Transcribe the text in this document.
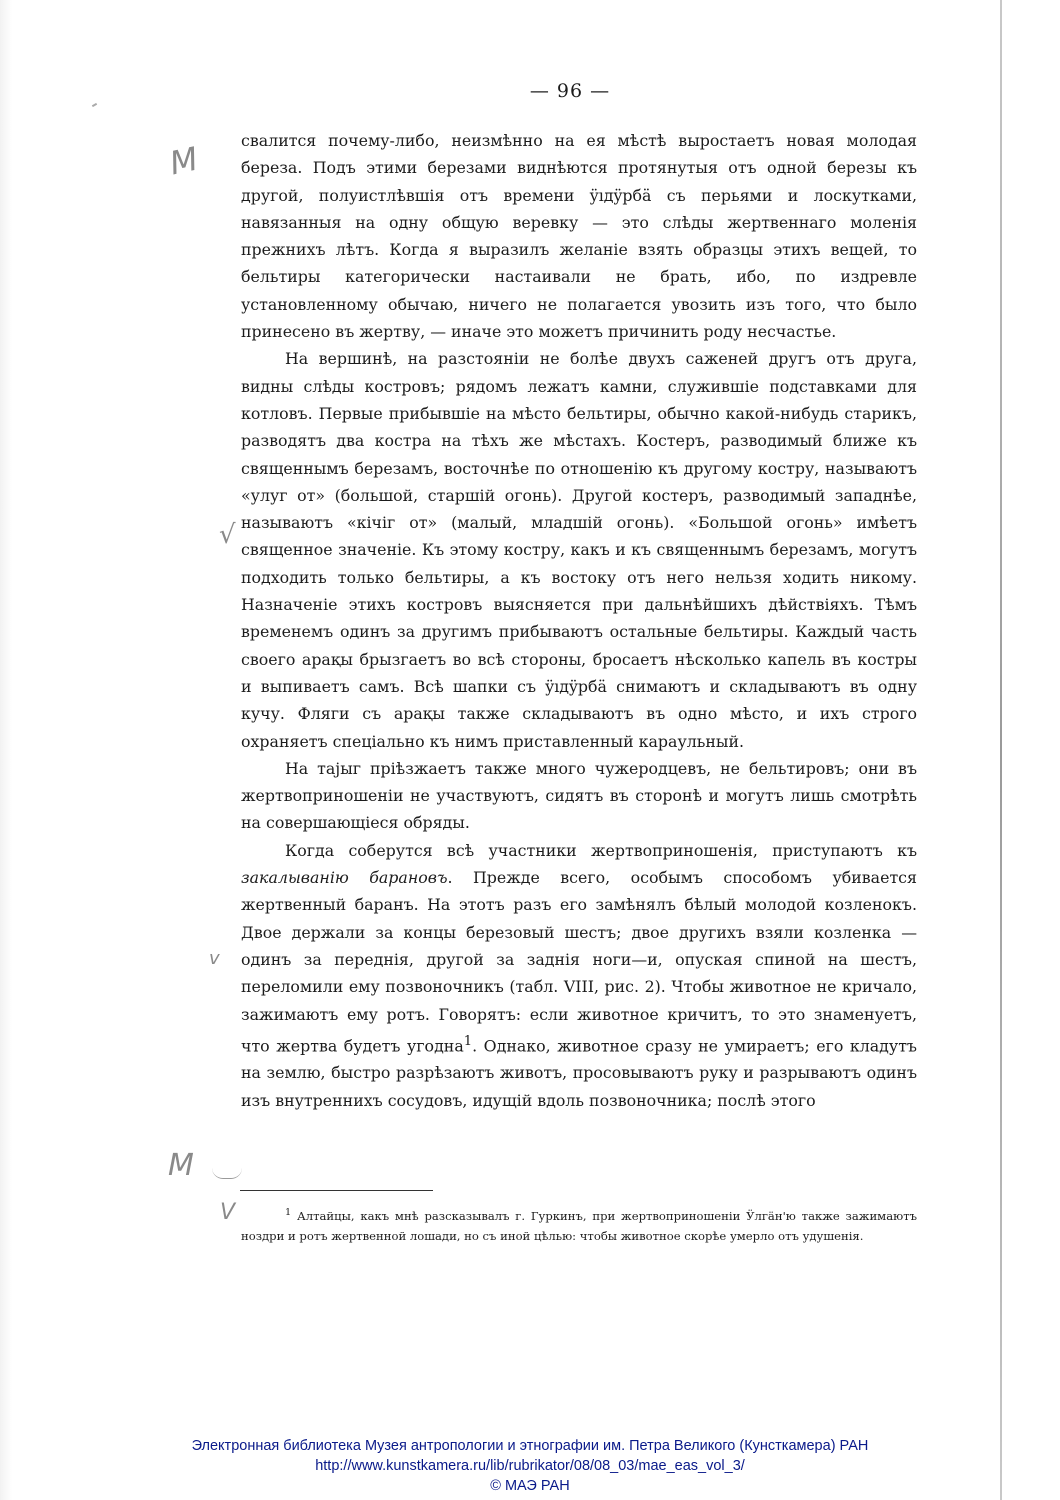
— 96 —

свалится почему-либо, неизмѣнно на ея мѣстѣ выростаетъ новая молодая береза. Подъ этими березами виднѣются протянутыя отъ одной березы къ другой, полуистлѣвшія отъ времени ÿıдÿрбä съ перьями и лоскутками, навязанныя на одну общую веревку — это слѣды жертвеннаго моленія прежнихъ лѣтъ. Когда я выразилъ желаніе взять образцы этихъ вещей, то бельтиры категорически настаивали не брать, ибо, по издревле установленному обычаю, ничего не полагается увозить изъ того, что было принесено въ жертву, — иначе это можетъ причинить роду несчастье.

На вершинѣ, на разстояніи не болѣе двухъ саженей другъ отъ друга, видны слѣды костровъ; рядомъ лежатъ камни, служившіе подставками для котловъ. Первые прибывшіе на мѣсто бельтиры, обычно какой-нибудь старикъ, разводятъ два костра на тѣхъ же мѣстахъ. Костеръ, разводимый ближе къ священнымъ березамъ, восточнѣе по отношенію къ другому костру, называютъ «улуг от» (большой, старшій огонь). Другой костеръ, разводимый западнѣе, называютъ «кічіг от» (малый, младшій огонь). «Большой огонь» имѣетъ священное значеніе. Къ этому костру, какъ и къ священнымъ березамъ, могутъ подходить только бельтиры, а къ востоку отъ него нельзя ходить никому. Назначеніе этихъ костровъ выясняется при дальнѣйшихъ дѣйствіяхъ. Тѣмъ временемъ одинъ за другимъ прибываютъ остальные бельтиры. Каждый часть своего арақы брызгаетъ во всѣ стороны, бросаетъ нѣсколько капель въ костры и выпиваетъ самъ. Всѣ шапки съ ÿıдÿрбä снимаютъ и складываютъ въ одну кучу. Фляги съ арақы также складываютъ въ одно мѣсто, и ихъ строго охраняетъ спеціально къ нимъ приставленный караульный.

На тајыг пріѣзжаетъ также много чужеродцевъ, не бельтировъ; они въ жертвоприношеніи не участвуютъ, сидятъ въ сторонѣ и могутъ лишь смотрѣть на совершающіеся обряды.

Когда соберутся всѣ участники жертвоприношенія, приступаютъ къ закалыванію барановъ. Прежде всего, особымъ способомъ убивается жертвенный баранъ. На этотъ разъ его замѣнялъ бѣлый молодой козленокъ. Двое держали за концы березовый шестъ; двое другихъ взяли козленка — одинъ за переднія, другой за заднія ноги—и, опуская спиной на шестъ, переломили ему позвоночникъ (табл. VIII, рис. 2). Чтобы животное не кричало, зажимаютъ ему ротъ. Говорятъ: если животное кричитъ, то это знаменуетъ, что жертва будетъ угодна$^1$. Однако, животное сразу не умираетъ; его кладутъ на землю, быстро разрѣзаютъ животъ, просовываютъ руку и разрываютъ одинъ изъ внутреннихъ сосудовъ, идущій вдоль позвоночника; послѣ этого

$^1$ Алтайцы, какъ мнѣ разсказывалъ г. Гуркинъ, при жертвоприношеніи Ӱлгäн'ю также зажимаютъ ноздри и ротъ жертвенной лошади, но съ иной цѣлью: чтобы животное скорѣе умерло отъ удушенія.
М
√
v
М
V
Электронная библиотека Музея антропологии и этнографии им. Петра Великого (Кунсткамера) РАН
http://www.kunstkamera.ru/lib/rubrikator/08/08_03/mae_eas_vol_3/
© МАЭ РАН
